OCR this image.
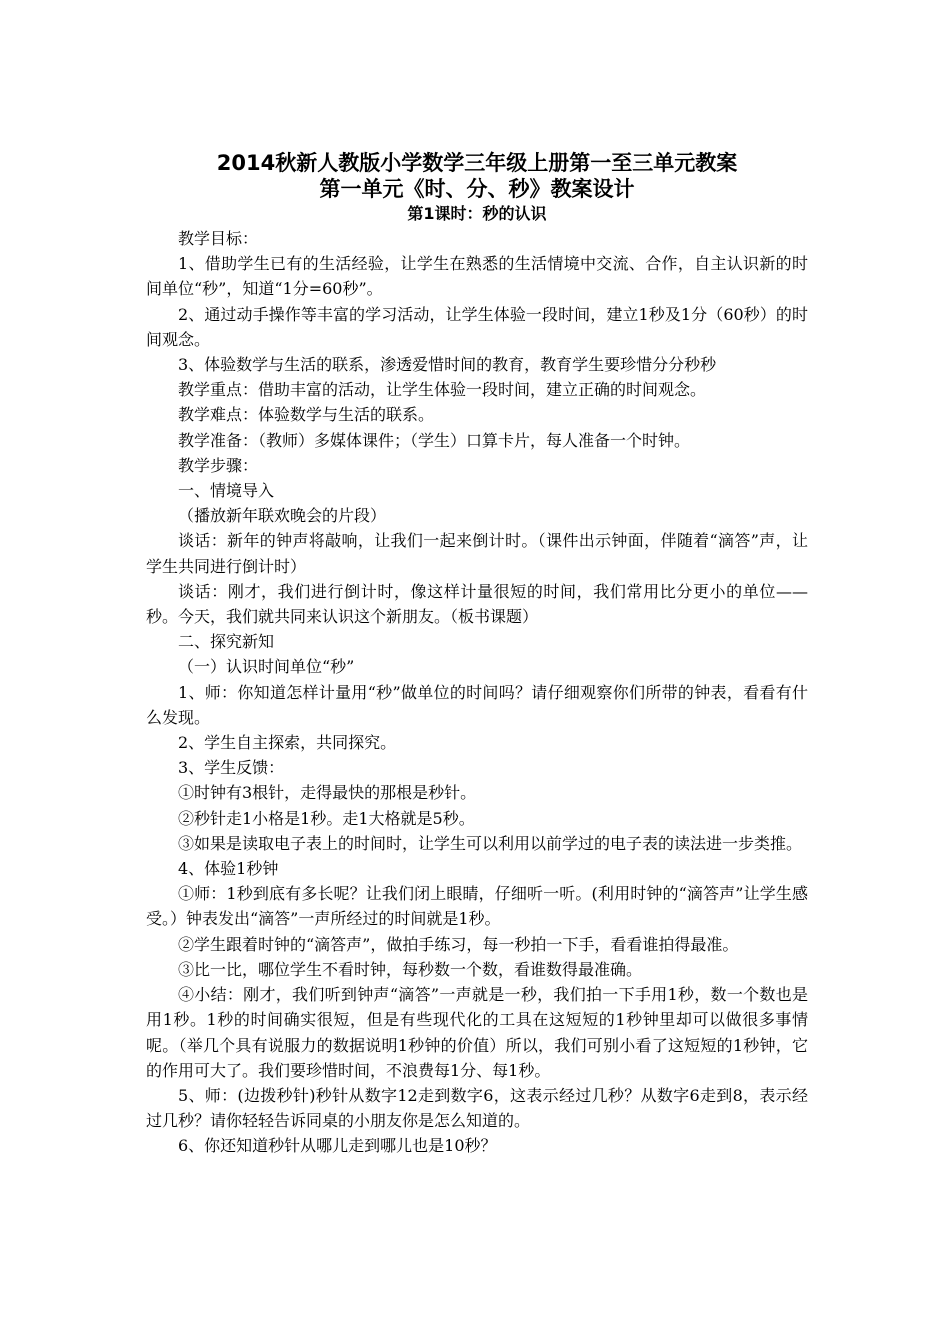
2014秋新人教版小学数学三年级上册第一至三单元教案
第一单元《时、分、秒》教案设计
第1课时：秒的认识

教学目标：

1、借助学生已有的生活经验，让学生在熟悉的生活情境中交流、合作，自主认识新的时间单位“秒”，知道“1分=60秒”。

2、通过动手操作等丰富的学习活动，让学生体验一段时间，建立1秒及1分（60秒）的时间观念。

3、体验数学与生活的联系，渗透爱惜时间的教育，教育学生要珍惜分分秒秒

教学重点：借助丰富的活动，让学生体验一段时间，建立正确的时间观念。

教学难点：体验数学与生活的联系。

教学准备：（教师）多媒体课件；（学生）口算卡片，每人准备一个时钟。

教学步骤：

一、情境导入

（播放新年联欢晚会的片段）

谈话：新年的钟声将敲响，让我们一起来倒计时。（课件出示钟面，伴随着“滴答”声，让学生共同进行倒计时）

谈话：刚才，我们进行倒计时，像这样计量很短的时间，我们常用比分更小的单位——秒。今天，我们就共同来认识这个新朋友。（板书课题）

二、探究新知

（一）认识时间单位“秒”

1、师：你知道怎样计量用“秒”做单位的时间吗？请仔细观察你们所带的钟表，看看有什么发现。

2、学生自主探索，共同探究。

3、学生反馈：

①时钟有3根针，走得最快的那根是秒针。

②秒针走1小格是1秒。走1大格就是5秒。

③如果是读取电子表上的时间时，让学生可以利用以前学过的电子表的读法进一步类推。

4、体验1秒钟

①师：1秒到底有多长呢？让我们闭上眼睛，仔细听一听。(利用时钟的“滴答声”让学生感受。）钟表发出“滴答”一声所经过的时间就是1秒。

②学生跟着时钟的“滴答声”，做拍手练习，每一秒拍一下手，看看谁拍得最准。

③比一比，哪位学生不看时钟，每秒数一个数，看谁数得最准确。

④小结：刚才，我们听到钟声“滴答”一声就是一秒，我们拍一下手用1秒，数一个数也是用1秒。1秒的时间确实很短，但是有些现代化的工具在这短短的1秒钟里却可以做很多事情呢。（举几个具有说服力的数据说明1秒钟的价值）所以，我们可别小看了这短短的1秒钟，它的作用可大了。我们要珍惜时间，不浪费每1分、每1秒。

5、师：(边拨秒针)秒针从数字12走到数字6，这表示经过几秒？从数字6走到8，表示经过几秒？请你轻轻告诉同桌的小朋友你是怎么知道的。

6、你还知道秒针从哪儿走到哪儿也是10秒？
